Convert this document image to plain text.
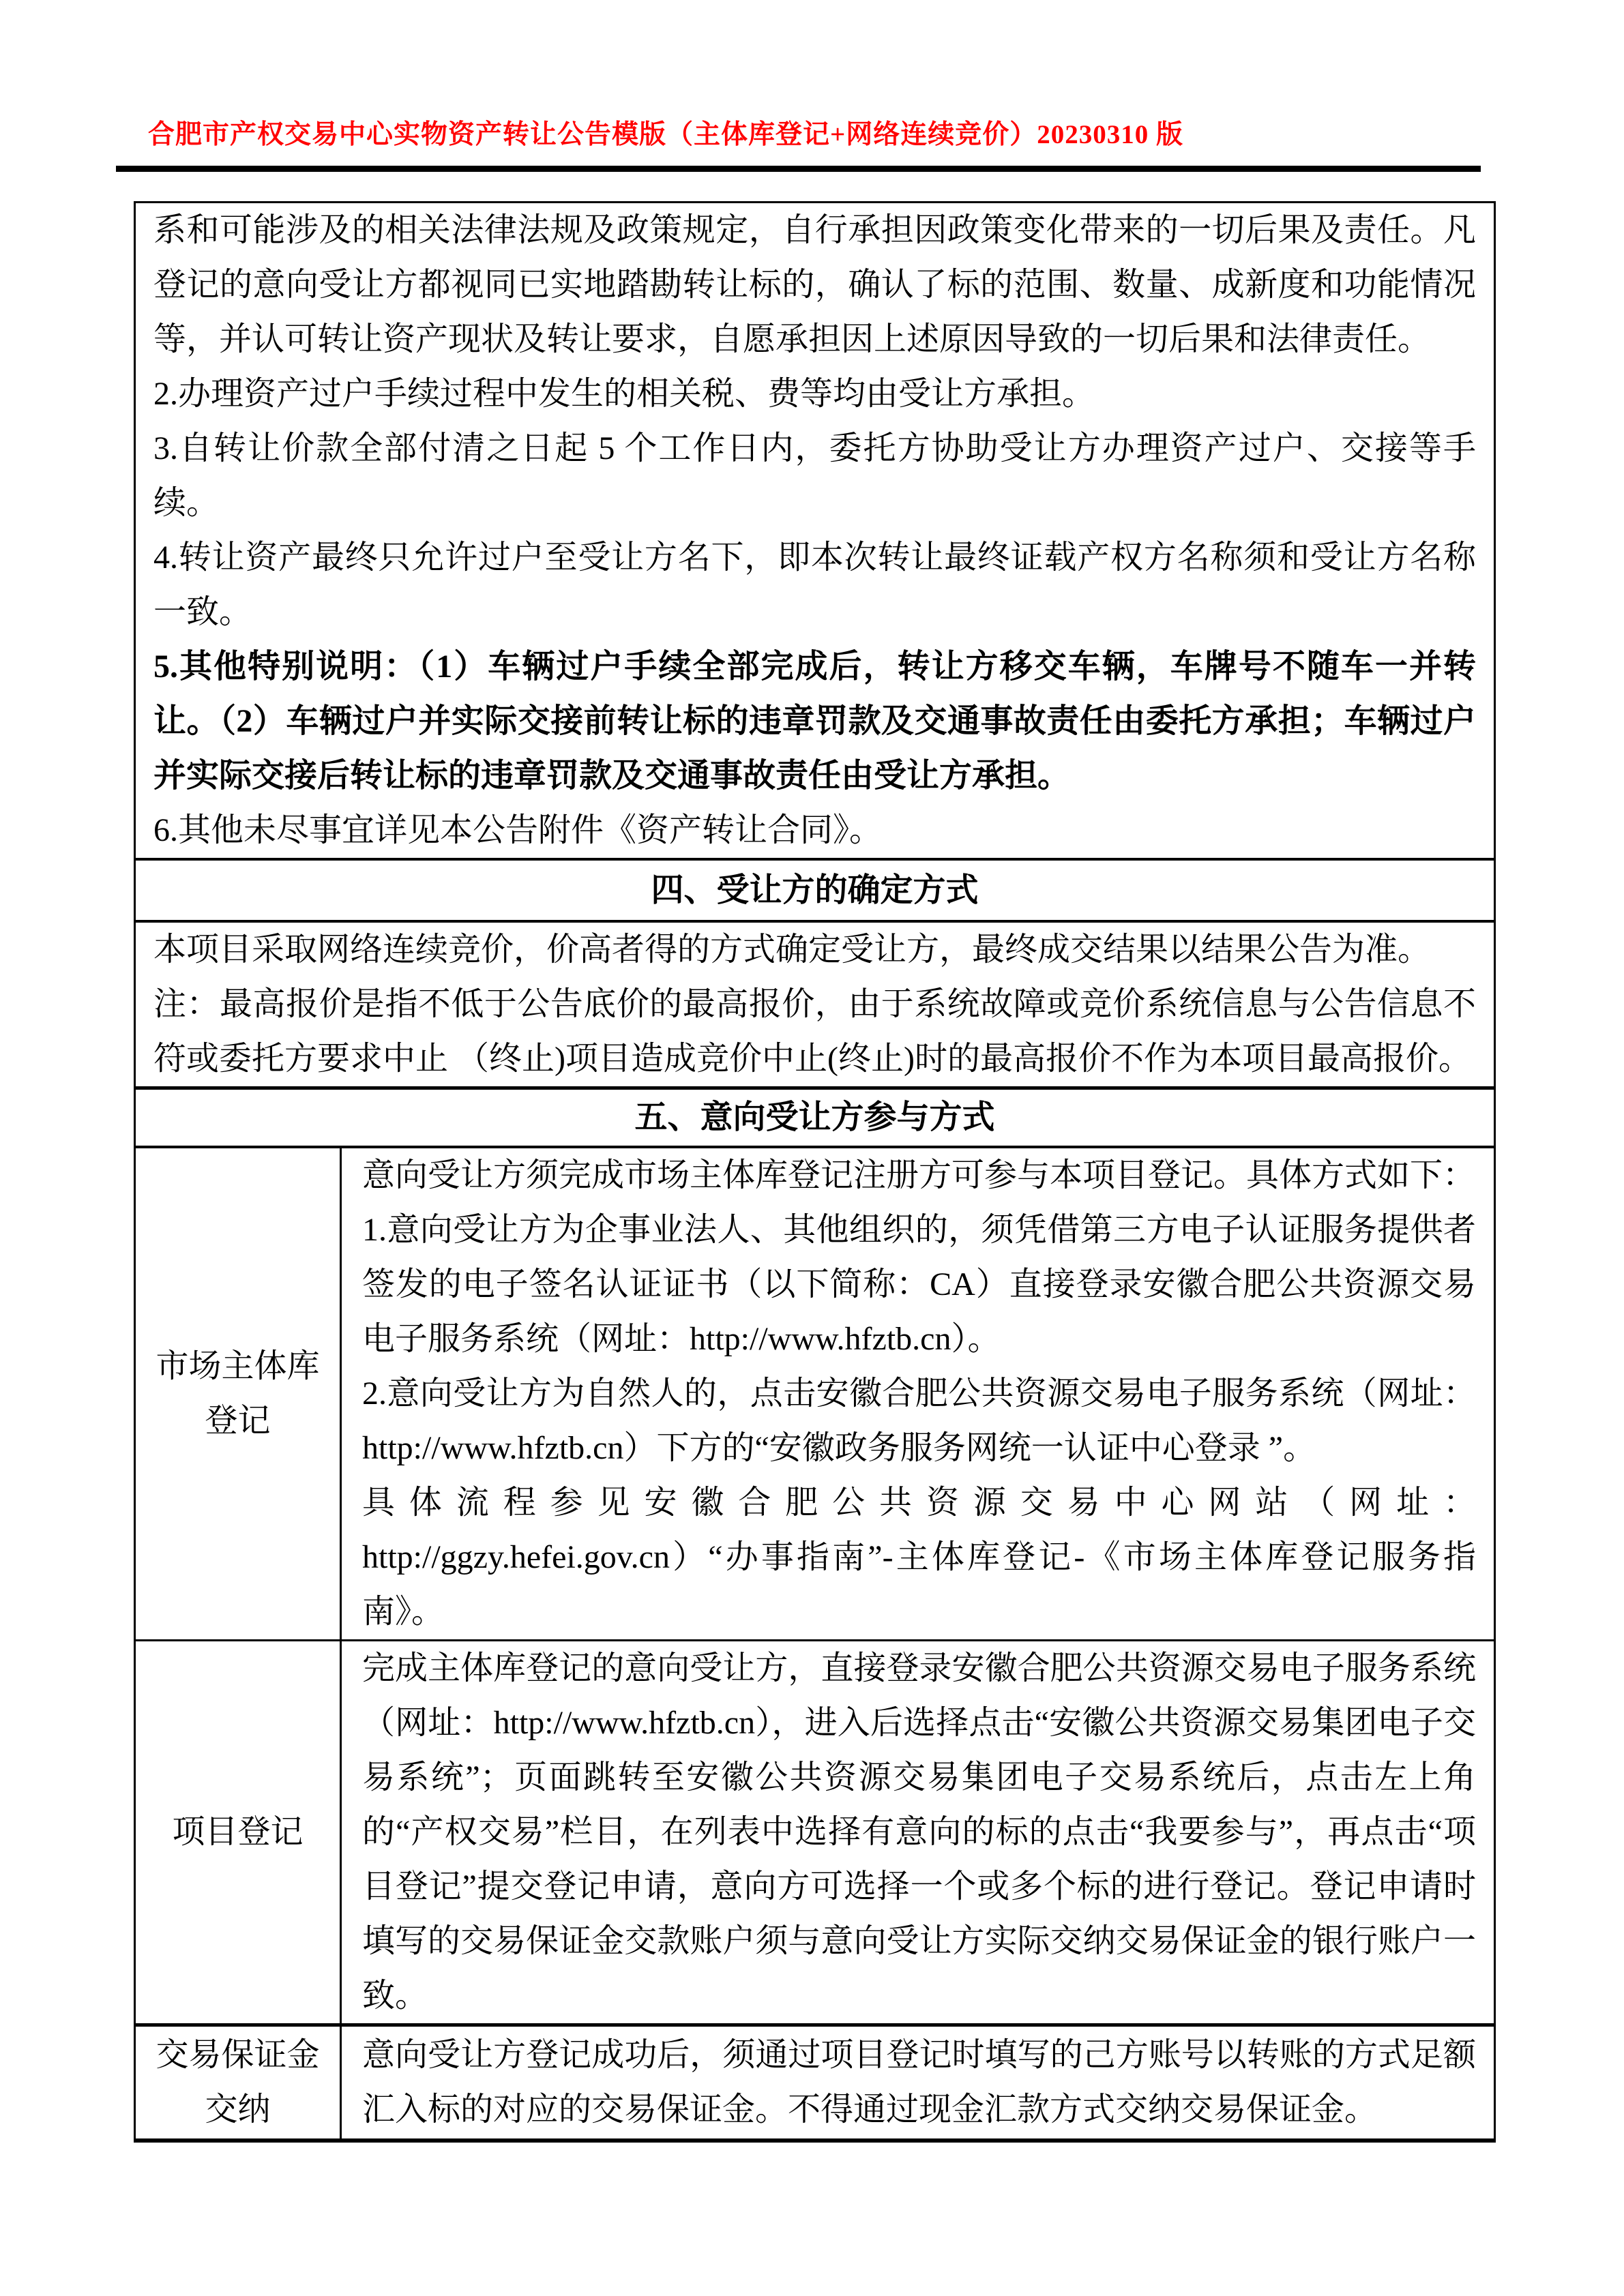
合肥市产权交易中心实物资产转让公告模版（主体库登记+网络连续竞价）20230310 版

系和可能涉及的相关法律法规及政策规定，自行承担因政策变化带来的一切后果及责任。凡登记的意向受让方都视同已实地踏勘转让标的，确认了标的范围、数量、成新度和功能情况等，并认可转让资产现状及转让要求，自愿承担因上述原因导致的一切后果和法律责任。

2.办理资产过户手续过程中发生的相关税、费等均由受让方承担。

3.自转让价款全部付清之日起 5 个工作日内，委托方协助受让方办理资产过户、交接等手续。

4.转让资产最终只允许过户至受让方名下，即本次转让最终证载产权方名称须和受让方名称一致。

5.其他特别说明：（1）车辆过户手续全部完成后，转让方移交车辆，车牌号不随车一并转让。（2）车辆过户并实际交接前转让标的违章罚款及交通事故责任由委托方承担；车辆过户并实际交接后转让标的违章罚款及交通事故责任由受让方承担。

6.其他未尽事宜详见本公告附件《资产转让合同》。

四、受让方的确定方式	

本项目采取网络连续竞价，价高者得的方式确定受让方，最终成交结果以结果公告为准。

注：最高报价是指不低于公告底价的最高报价，由于系统故障或竞价系统信息与公告信息不符或委托方要求中止 （终止)项目造成竞价中止(终止)时的最高报价不作为本项目最高报价。	

五、意向受让方参与方式	

市场主体库登记	意向受让方须完成市场主体库登记注册方可参与本项目登记。具体方式如下：

1.意向受让方为企事业法人、其他组织的，须凭借第三方电子认证服务提供者签发的电子签名认证证书（以下简称：CA）直接登录安徽合肥公共资源交易电子服务系统（网址：http://www.hfztb.cn）。

2.意向受让方为自然人的，点击安徽合肥公共资源交易电子服务系统（网址：http://www.hfztb.cn）下方的“安徽政务服务网统一认证中心登录 ”。

具体流程参见安徽合肥公共资源交易中心网站（网址：http://ggzy.hefei.gov.cn）“办事指南”-主体库登记-《市场主体库登记服务指南》。

项目登记	完成主体库登记的意向受让方，直接登录安徽合肥公共资源交易电子服务系统（网址：http://www.hfztb.cn），进入后选择点击“安徽公共资源交易集团电子交易系统”；页面跳转至安徽公共资源交易集团电子交易系统后，点击左上角的“产权交易”栏目，在列表中选择有意向的标的点击“我要参与”，再点击“项目登记”提交登记申请，意向方可选择一个或多个标的进行登记。登记申请时填写的交易保证金交款账户须与意向受让方实际交纳交易保证金的银行账户一致。

交易保证金交纳	意向受让方登记成功后，须通过项目登记时填写的己方账号以转账的方式足额汇入标的对应的交易保证金。不得通过现金汇款方式交纳交易保证金。
